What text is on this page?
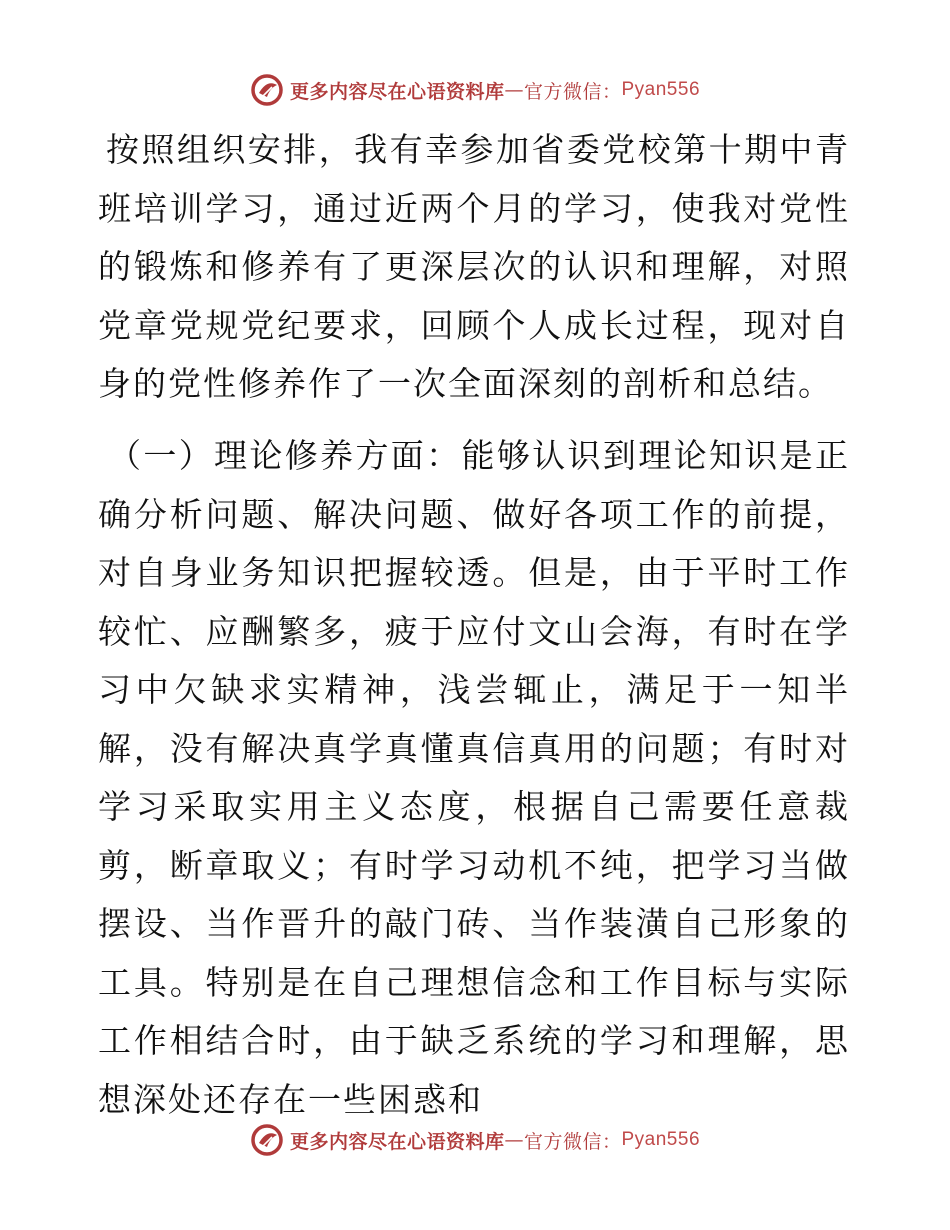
更多内容尽在心语资料库 — 官方微信： Pyan556

按照组织安排，我有幸参加省委党校第十期中青班培训学习，通过近两个月的学习，使我对党性的锻炼和修养有了更深层次的认识和理解，对照党章党规党纪要求，回顾个人成长过程，现对自身的党性修养作了一次全面深刻的剖析和总结。

（一）理论修养方面：能够认识到理论知识是正确分析问题、解决问题、做好各项工作的前提，对自身业务知识把握较透。但是，由于平时工作较忙、应酬繁多，疲于应付文山会海，有时在学习中欠缺求实精神，浅尝辄止，满足于一知半解，没有解决真学真懂真信真用的问题；有时对学习采取实用主义态度，根据自己需要任意裁剪，断章取义；有时学习动机不纯，把学习当做摆设、当作晋升的敲门砖、当作装潢自己形象的工具。特别是在自己理想信念和工作目标与实际工作相结合时，由于缺乏系统的学习和理解，思想深处还存在一些困惑和

更多内容尽在心语资料库 — 官方微信： Pyan556
